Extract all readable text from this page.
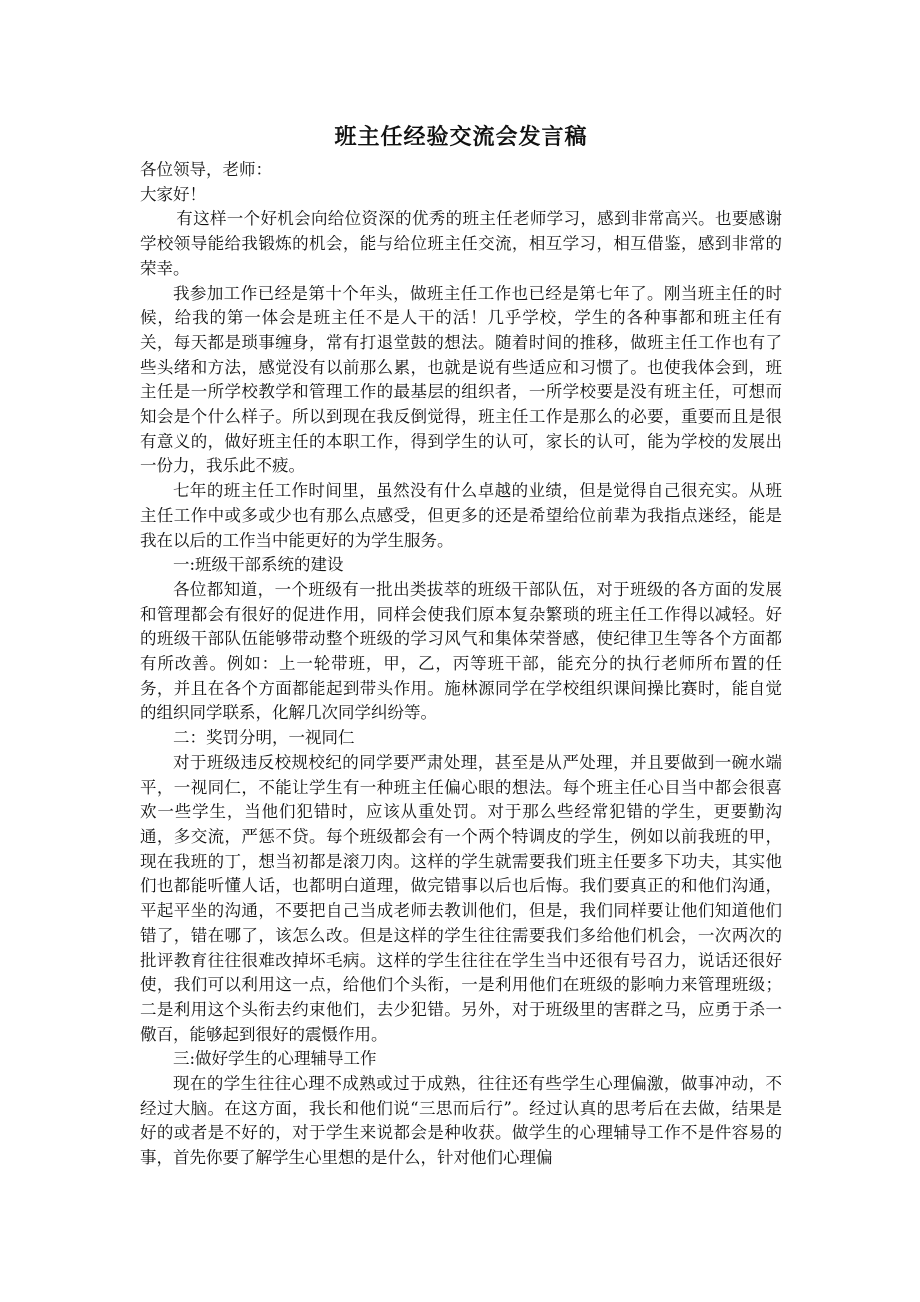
班主任经验交流会发言稿

各位领导，老师：

大家好！

有这样一个好机会向给位资深的优秀的班主任老师学习，感到非常高兴。也要感谢学校领导能给我锻炼的机会，能与给位班主任交流，相互学习，相互借鉴，感到非常的荣幸。

我参加工作已经是第十个年头，做班主任工作也已经是第七年了。刚当班主任的时候，给我的第一体会是班主任不是人干的活！几乎学校，学生的各种事都和班主任有关，每天都是琐事缠身，常有打退堂鼓的想法。随着时间的推移，做班主任工作也有了些头绪和方法，感觉没有以前那么累，也就是说有些适应和习惯了。也使我体会到，班主任是一所学校教学和管理工作的最基层的组织者，一所学校要是没有班主任，可想而知会是个什么样子。所以到现在我反倒觉得，班主任工作是那么的必要，重要而且是很有意义的，做好班主任的本职工作，得到学生的认可，家长的认可，能为学校的发展出一份力，我乐此不疲。

七年的班主任工作时间里，虽然没有什么卓越的业绩，但是觉得自己很充实。从班主任工作中或多或少也有那么点感受，但更多的还是希望给位前辈为我指点迷经，能是我在以后的工作当中能更好的为学生服务。

一:班级干部系统的建设

各位都知道，一个班级有一批出类拔萃的班级干部队伍，对于班级的各方面的发展和管理都会有很好的促进作用，同样会使我们原本复杂繁琐的班主任工作得以减轻。好的班级干部队伍能够带动整个班级的学习风气和集体荣誉感，使纪律卫生等各个方面都有所改善。例如：上一轮带班，甲，乙，丙等班干部，能充分的执行老师所布置的任务，并且在各个方面都能起到带头作用。施林源同学在学校组织课间操比赛时，能自觉的组织同学联系，化解几次同学纠纷等。

二：奖罚分明，一视同仁

对于班级违反校规校纪的同学要严肃处理，甚至是从严处理，并且要做到一碗水端平，一视同仁，不能让学生有一种班主任偏心眼的想法。每个班主任心目当中都会很喜欢一些学生，当他们犯错时，应该从重处罚。对于那么些经常犯错的学生，更要勤沟通，多交流，严惩不贷。每个班级都会有一个两个特调皮的学生，例如以前我班的甲，现在我班的丁，想当初都是滚刀肉。这样的学生就需要我们班主任要多下功夫，其实他们也都能听懂人话，也都明白道理，做完错事以后也后悔。我们要真正的和他们沟通，平起平坐的沟通，不要把自己当成老师去教训他们，但是，我们同样要让他们知道他们错了，错在哪了，该怎么改。但是这样的学生往往需要我们多给他们机会，一次两次的批评教育往往很难改掉坏毛病。这样的学生往往在学生当中还很有号召力，说话还很好使，我们可以利用这一点，给他们个头衔，一是利用他们在班级的影响力来管理班级；二是利用这个头衔去约束他们，去少犯错。另外，对于班级里的害群之马，应勇于杀一儆百，能够起到很好的震慑作用。

三:做好学生的心理辅导工作

现在的学生往往心理不成熟或过于成熟，往往还有些学生心理偏激，做事冲动，不经过大脑。在这方面，我长和他们说“三思而后行”。经过认真的思考后在去做，结果是好的或者是不好的，对于学生来说都会是种收获。做学生的心理辅导工作不是件容易的事，首先你要了解学生心里想的是什么，针对他们心理偏
